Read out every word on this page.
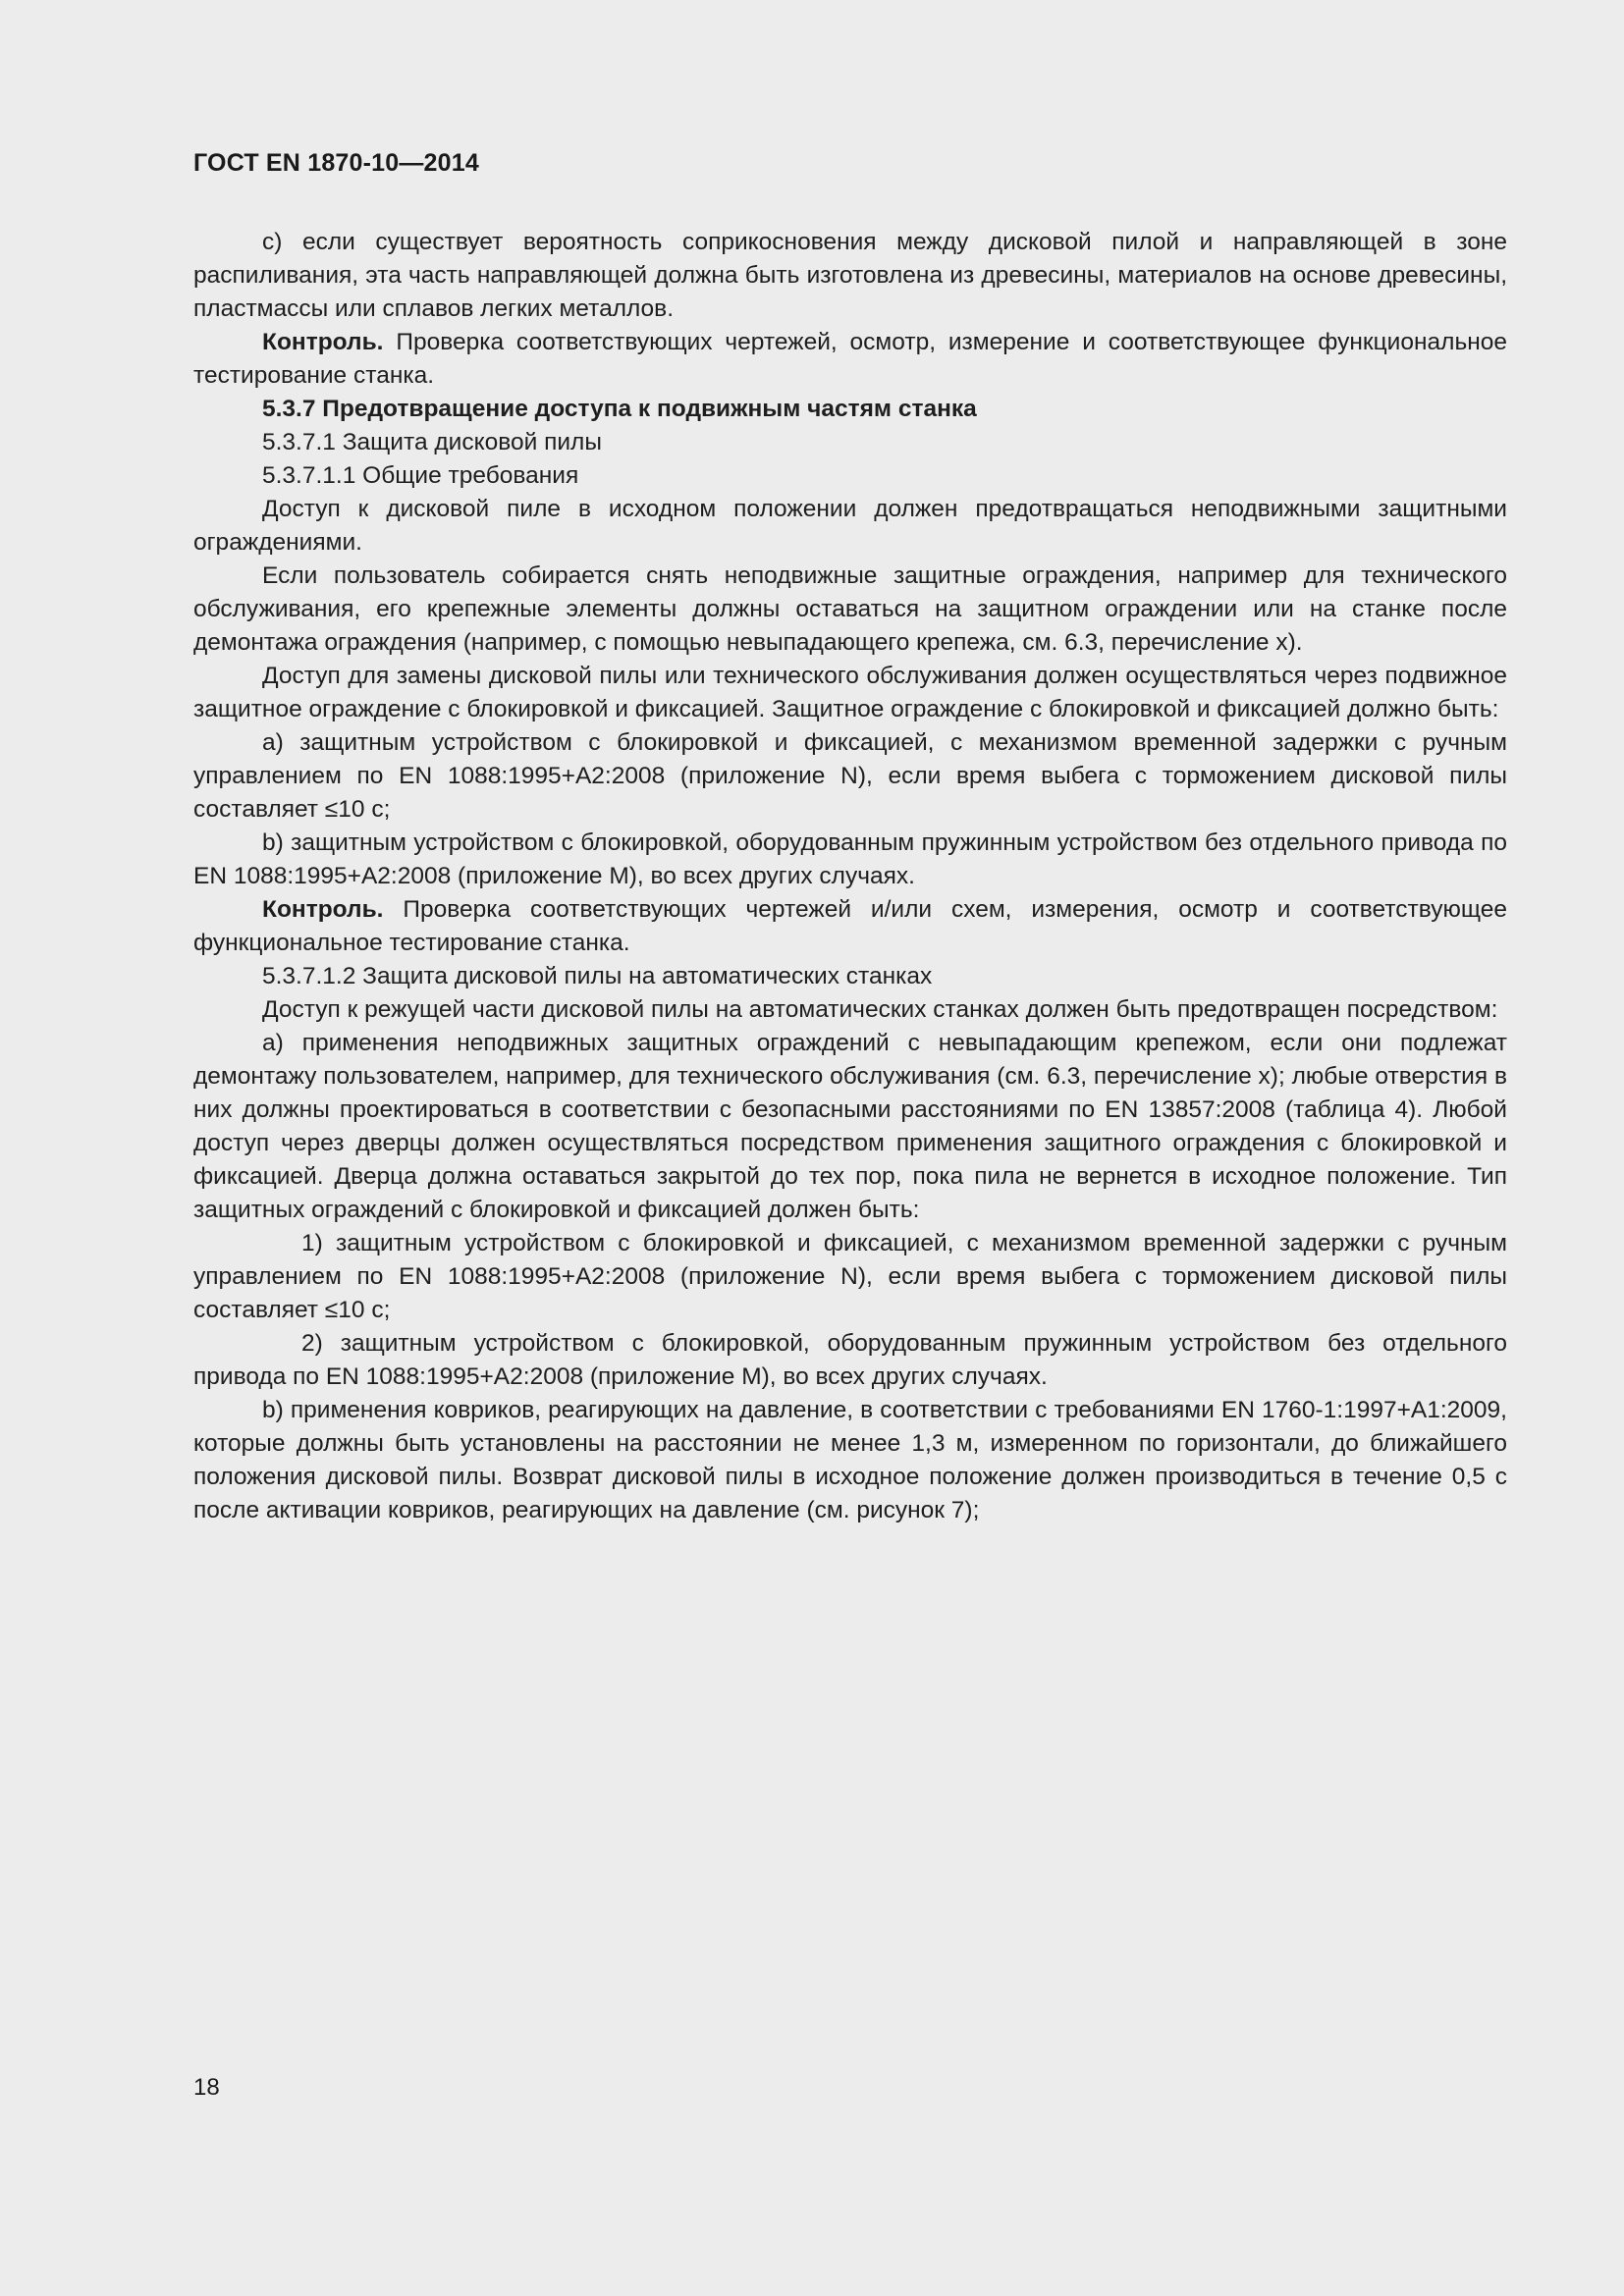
ГОСТ EN 1870-10—2014

с) если существует вероятность соприкосновения между дисковой пилой и направляющей в зоне распиливания, эта часть направляющей должна быть изготовлена из древесины, материалов на основе древесины, пластмассы или сплавов легких металлов.

Контроль. Проверка соответствующих чертежей, осмотр, измерение и соответствующее функциональное тестирование станка.

5.3.7 Предотвращение доступа к подвижным частям станка

5.3.7.1 Защита дисковой пилы

5.3.7.1.1 Общие требования

Доступ к дисковой пиле в исходном положении должен предотвращаться неподвижными защитными ограждениями.

Если пользователь собирается снять неподвижные защитные ограждения, например для технического обслуживания, его крепежные элементы должны оставаться на защитном ограждении или на станке после демонтажа ограждения (например, с помощью невыпадающего крепежа, см. 6.3, перечисление х).

Доступ для замены дисковой пилы или технического обслуживания должен осуществляться через подвижное защитное ограждение с блокировкой и фиксацией. Защитное ограждение с блокировкой и фиксацией должно быть:

а) защитным устройством с блокировкой и фиксацией, с механизмом временной задержки с ручным управлением по EN 1088:1995+A2:2008 (приложение N), если время выбега с торможением дисковой пилы составляет ≤10 с;

b) защитным устройством с блокировкой, оборудованным пружинным устройством без отдельного привода по EN 1088:1995+A2:2008 (приложение М), во всех других случаях.

Контроль. Проверка соответствующих чертежей и/или схем, измерения, осмотр и соответствующее функциональное тестирование станка.

5.3.7.1.2 Защита дисковой пилы на автоматических станках

Доступ к режущей части дисковой пилы на автоматических станках должен быть предотвращен посредством:

а) применения неподвижных защитных ограждений с невыпадающим крепежом, если они подлежат демонтажу пользователем, например, для технического обслуживания (см. 6.3, перечисление х); любые отверстия в них должны проектироваться в соответствии с безопасными расстояниями по EN 13857:2008 (таблица 4). Любой доступ через дверцы должен осуществляться посредством применения защитного ограждения с блокировкой и фиксацией. Дверца должна оставаться закрытой до тех пор, пока пила не вернется в исходное положение. Тип защитных ограждений с блокировкой и фиксацией должен быть:

1) защитным устройством с блокировкой и фиксацией, с механизмом временной задержки с ручным управлением по EN 1088:1995+A2:2008 (приложение N), если время выбега с торможением дисковой пилы составляет ≤10 с;

2) защитным устройством с блокировкой, оборудованным пружинным устройством без отдельного привода по EN 1088:1995+A2:2008 (приложение М), во всех других случаях.

b) применения ковриков, реагирующих на давление, в соответствии с требованиями EN 1760-1:1997+A1:2009, которые должны быть установлены на расстоянии не менее 1,3 м, измеренном по горизонтали, до ближайшего положения дисковой пилы. Возврат дисковой пилы в исходное положение должен производиться в течение 0,5 с после активации ковриков, реагирующих на давление (см. рисунок 7);

18
